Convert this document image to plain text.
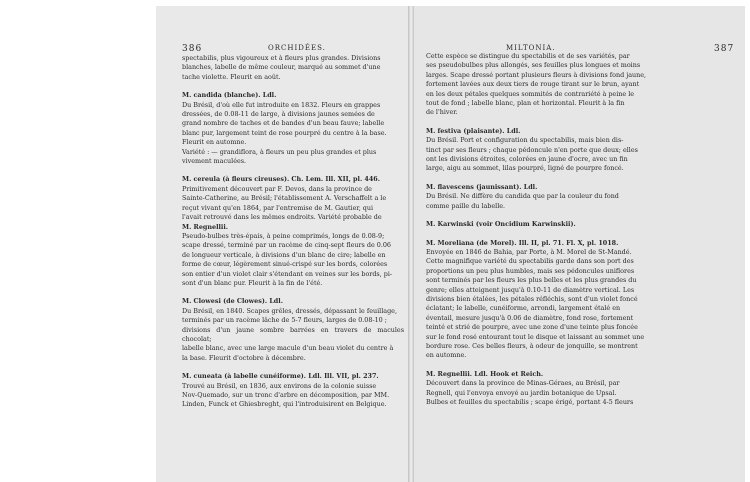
386	ORCHIDÉES.

spectabilis, plus vigoureux et à fleurs plus grandes. Divisions

blanches, labelle de même couleur, marqué au sommet d'une

tache violette. Fleurit en août.

M. candida (blanche). Ldl.

Du Brésil, d'où elle fut introduite en 1832. Fleurs en grappes

dressées, de 0.08-11 de large, à divisions jaunes semées de

grand nombre de taches et de bandes d'un beau fauve; labelle

blanc pur, largement teint de rose pourpré du centre à la base.

Fleurit en automne.

Variété : — grandiflora, à fleurs un peu plus grandes et plus

vivement maculées.

M. cereula (à fleurs cireuses). Ch. Lem. Ill. XII, pl. 446.

Primitivement découvert par F. Devos, dans la province de

Sainte-Catherine, au Brésil; l'établissement A. Verschaffelt a le

reçut vivant qu'en 1864, par l'entremise de M. Gautier, qui

l'avait retrouvé dans les mêmes endroits. Variété probable de

M. Regnellii.

Pseudo-bulbes très-épais, à peine comprimés, longs de 0.08-9;

scape dressé, terminé par un racème de cinq-sept fleurs de 0.06

de longueur verticale, à divisions d'un blanc de cire; labelle en

forme de cœur, légèrement sinué-crispé sur les bords, colorées

son entier d'un violet clair s'étendant en veines sur les bords, pi-

sont d'un blanc pur. Fleurit à la fin de l'été.

M. Clowesi (de Clowes). Ldl.

Du Brésil, en 1840. Scapes grêles, dressés, dépassant le feuillage,

terminés par un racème lâche de 5-7 fleurs, larges de 0.08-10 ;

divisions d'un jaune sombre barrées en travers de macules chocolat;

labelle blanc, avec une large macule d'un beau violet du centre à

la base. Fleurit d'octobre à décembre.

M. cuneata (à labelle cunéiforme). Ldl. Ill. VII, pl. 237.

Trouvé au Brésil, en 1836, aux environs de la colonie suisse

Nov-Quemado, sur un tronc d'arbre en décomposition, par MM.

Linden, Funck et Ghiesbreght, qui l'introduisirent en Belgique.

MILTONIA.	387

Cette espèce se distingue du spectabilis et de ses variétés, par

ses pseudobulbes plus allongés, ses feuilles plus longues et moins

larges. Scape dressé portant plusieurs fleurs à divisions fond jaune,

fortement lavées aux deux tiers de rouge tirant sur le brun, ayant

en les deux pétales quelques sommités de contrariété à peine le

tout de fond ; labelle blanc, plan et horizontal. Fleurit à la fin

de l'hiver.

M. festiva (plaisante). Ldl.

Du Brésil. Port et configuration du spectabilis, mais bien dis-

tinct par ses fleurs ; chaque pédoncule n'en porte que deux; elles

ont les divisions étroites, colorées en jaune d'ocre, avec un fin

large, aigu au sommet, lilas pourpré, ligné de pourpre foncé.

M. flavescens (jaunissant). Ldl.

Du Brésil. Ne diffère du candida que par la couleur du fond

comme paille du labelle.

M. Karwinski (voir Oncidium Karwinskii).

M. Moreliana (de Morel). Ill. II, pl. 71. Fl. X, pl. 1018.

Envoyée en 1846 de Bahia, par Porte, à M. Morel de St-Mandé.

Cette magnifique variété du spectabilis garde dans son port des

proportions un peu plus humbles, mais ses pédoncules uniflores

sont terminés par les fleurs les plus belles et les plus grandes du

genre; elles atteignent jusqu'à 0.10-11 de diamètre vertical. Les

divisions bien étalées, les pétales réfléchis, sont d'un violet foncé

éclatant; le labelle, cunéiforme, arrondi, largement étalé en

éventail, mesure jusqu'à 0.06 de diamètre, fond rose, fortement

teinté et strié de pourpre, avec une zone d'une teinte plus foncée

sur le fond rosé entourant tout le disque et laissant au sommet une

bordure rose. Ces belles fleurs, à odeur de jonquille, se montrent

en automne.

M. Regnellii. Ldl. Hook et Reich.

Découvert dans la province de Minas-Géraes, au Brésil, par

Regnell, qui l'envoya envoyé au jardin botanique de Upsal.

Bulbes et feuilles du spectabilis ; scape érigé, portant 4-5 fleurs
